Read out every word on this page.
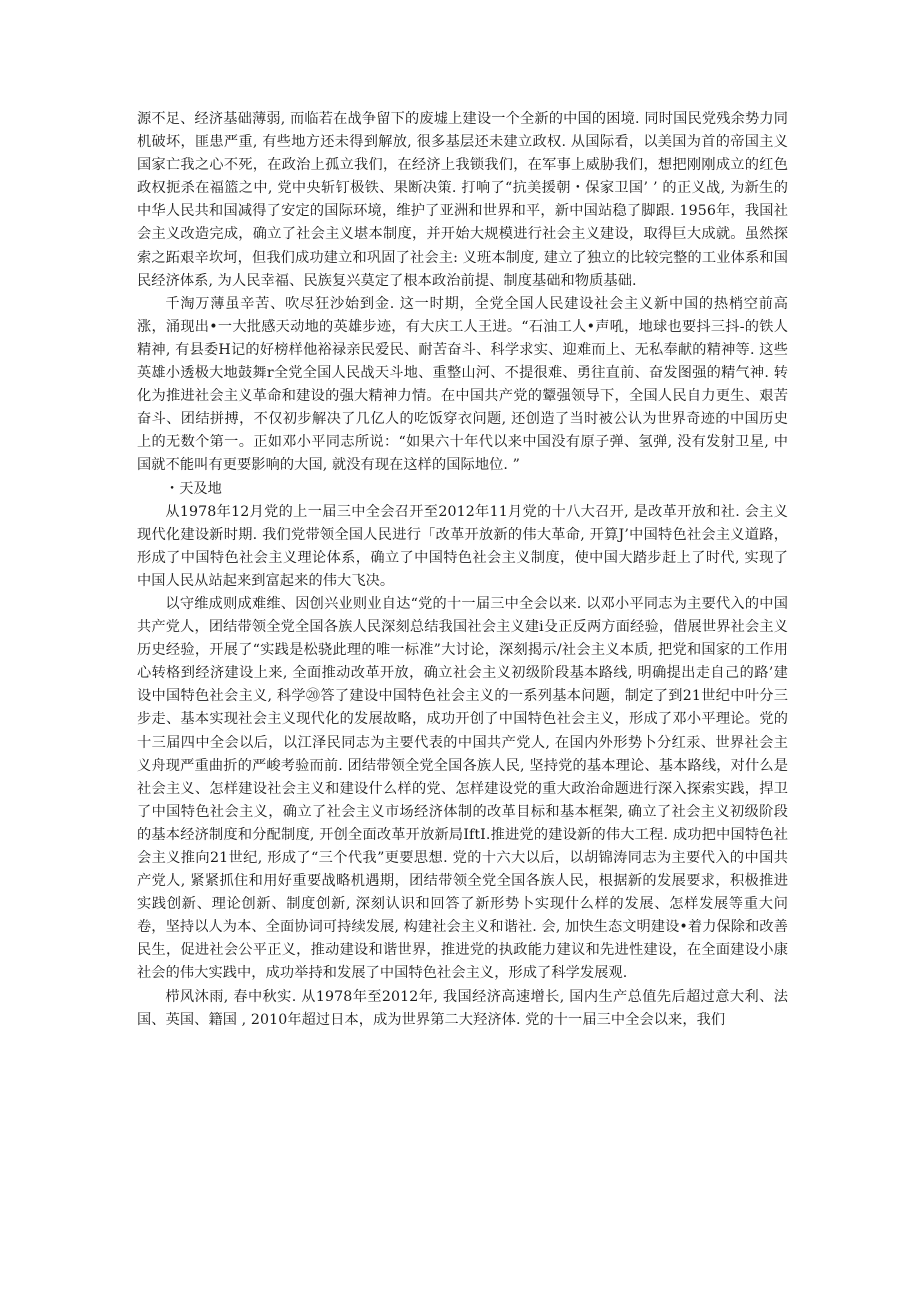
源不足、经济基础薄弱, 而临若在战争留下的废墟上建设一个全新的中国的困境. 同时国民党残余势力同机破坏，匪患严重, 有些地方还未得到解放, 很多基层还未建立政权. 从国际看，以美国为首的帝国主义国家亡我之心不死，在政治上孤立我们，在经济上我锁我们，在军事上威胁我们，想把刚刚成立的红色政权扼杀在福篮之中, 党中央斩钉极铁、果断决策. 打响了“抗美援朝・保家卫国’ ’ 的正义战, 为新生的中华人民共和国减得了安定的国际环境，维护了亚洲和世界和平，新中国站稳了脚跟. 1956年，我国社会主义改造完成，确立了社会主义堪本制度，并开始大规模进行社会主义建设，取得巨大成就。虽然探索之跖艰辛坎坷，但我们成功建立和巩固了社会主: 义班本制度, 建立了独立的比较完整的工业体系和国民经济体系, 为人民幸福、民族复兴莫定了根本政治前提、制度基础和物质基础.

千淘万薄虽辛苦、吹尽狂沙始到金. 这一时期，全党全国人民建设社会主义新中国的热梢空前高涨，涌现出•一大批感天动地的英雄步迹，有大庆工人王进。“石油工人•声吼，地球也要抖三抖-的铁人精神, 有县委H记的好榜样他裕禄亲民爱民、耐苦奋斗、科学求实、迎难而上、无私奉献的精神等. 这些英雄小透极大地鼓舞r全党全国人民战天斗地、重整山河、不提很难、勇往直前、奋发图强的精气神. 转化为推进社会主义革命和建设的强大精神力情。在中国共产党的颦强领导下，全国人民自力更生、艰苦奋斗、团结拼搏，不仅初步解决了几亿人的吃饭穿衣问题, 还创造了当时被公认为世界奇迹的中国历史上的无数个第一。正如邓小平同志所说：“如果六十年代以来中国没有原子弹、氢弹, 没有发射卫星, 中国就不能叫有更要影响的大国, 就没有现在这样的国际地位. ”

・天及地

从1978年12月党的上一届三中全会召开至2012年11月党的十八大召开, 是改革开放和社. 会主义现代化建设新时期. 我们党带领全国人民进行「改革开放新的伟大革命, 开算J’中国特色社会主义道路，形成了中国特色社会主义理论体系，确立了中国特色社会主义制度，使中国大踏步赶上了时代, 实现了中国人民从站起来到富起来的伟大飞决。

以守维成则成难维、因创兴业则业自达“党的十一届三中全会以来. 以邓小平同志为主要代入的中国共产党人，团结带领全党全国各族人民深刻总结我国社会主义建i殳正反两方面经验，借展世界社会主义历史经验，开展了“实践是松骁此理的唯一标准”大讨论，深刻揭示/社会主义本质, 把党和国家的工作用心转格到经济建设上来, 全面推动改革开放，确立社会主义初级阶段基本路线, 明确提出走自己的路’建设中国特色社会主义, 科学⑳答了建设中国特色社会主义的一系列基本问题，制定了到21世纪中叶分三步走、基本实现社会主义现代化的发展故略，成功开创了中国特色社会主义，形成了邓小平理论。党的十三届四中全会以后，以江泽民同志为主要代表的中国共产党人, 在国内外形势卜分红汞、世界社会主义舟现严重曲折的严峻考验而前. 团结带领全党全国各族人民, 坚持党的基本理论、基本路线，对什么是社会主义、怎样建设社会主义和建设什么样的党、怎样建设党的重大政治命题进行深入探索实践，捍卫了中国特色社会主义，确立了社会主义市场经济体制的改革目标和基本框架, 确立了社会主义初级阶段的基本经济制度和分配制度, 开创全面改革开放新局IftI.推进党的建设新的伟大工程. 成功把中国特色社会主义推向21世纪, 形成了“三个代我”更要思想. 党的十六大以后，以胡锦涛同志为主要代入的中国共产党人, 紧紧抓住和用好重要战略机遇期，团结带领全党全国各族人民，根据新的发展要求，积极推进实践创新、理论创新、制度创新, 深刻认识和回答了新形势卜实现什么样的发展、怎样发展等重大问卷，坚持以人为本、全面协词可持续发展, 构建社会主义和谐社. 会, 加快生态文明建设•着力保除和改善民生，促进社会公平正义，推动建设和谐世界，推进党的执政能力建议和先进性建设，在全面建设小康社会的伟大实践中，成功举持和发展了中国特色社会主义，形成了科学发展观.

栉风沐雨, 春中秋实. 从1978年至2012年, 我国经济高速增长, 国内生产总值先后超过意大利、法国、英国、籍国 , 2010年超过日本，成为世界第二大羟济体. 党的十一届三中全会以来，我们
